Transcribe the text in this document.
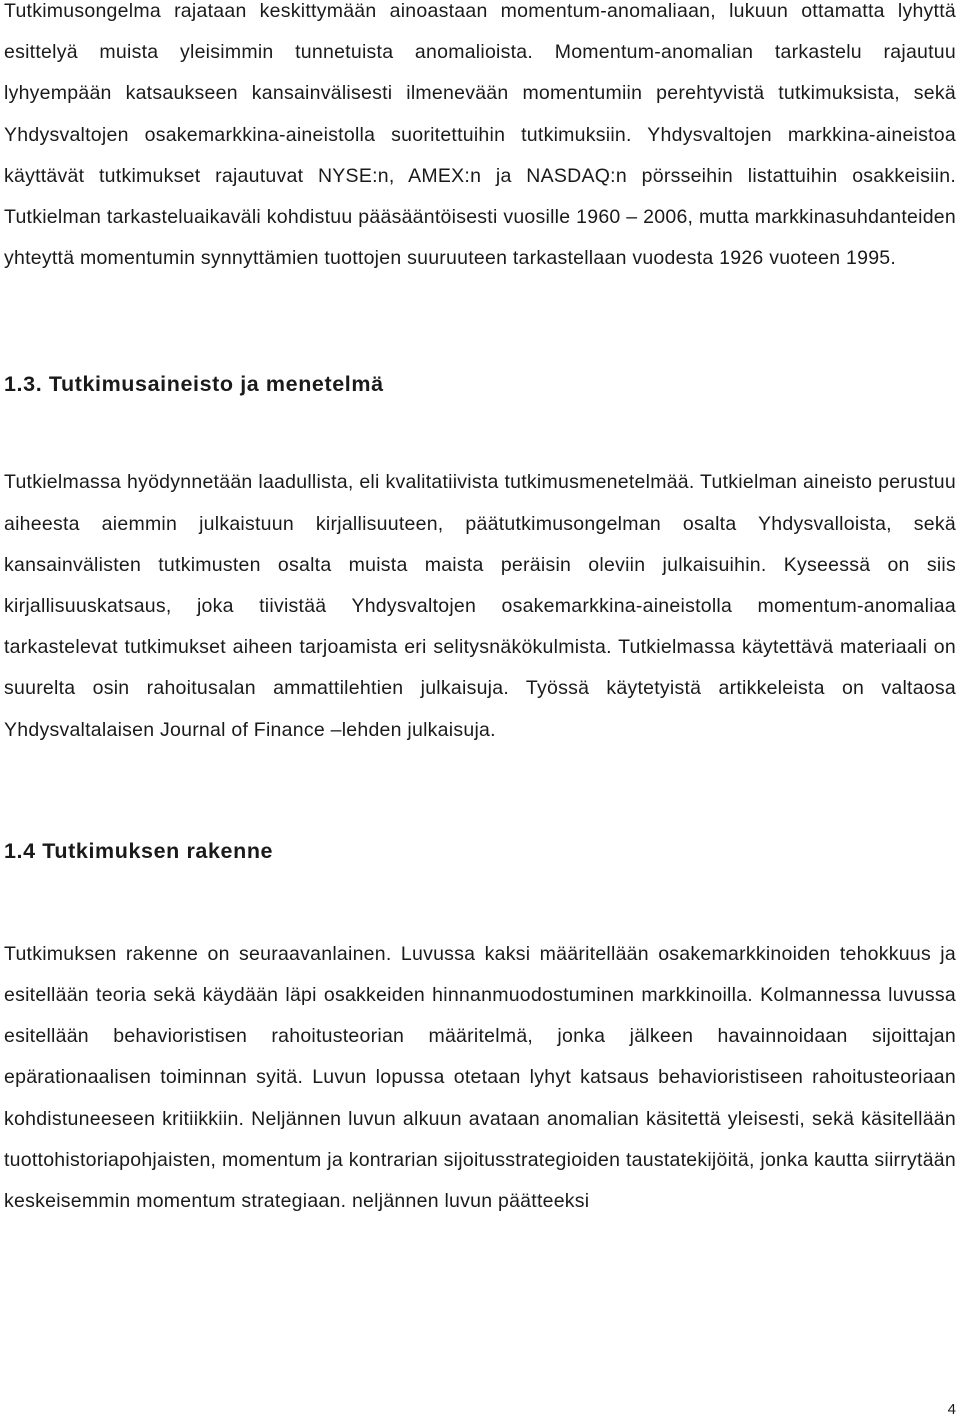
Tutkimusongelma rajataan keskittymään ainoastaan momentum-anomaliaan, lukuun ottamatta lyhyttä esittelyä muista yleisimmin tunnetuista anomalioista. Momentum-anomalian tarkastelu rajautuu lyhyempään katsaukseen kansainvälisesti ilmenevään momentumiin perehtyvistä tutkimuksista, sekä Yhdysvaltojen osakemarkkina-aineistolla suoritettuihin tutkimuksiin. Yhdysvaltojen markkina-aineistoa käyttävät tutkimukset rajautuvat NYSE:n, AMEX:n ja NASDAQ:n pörsseihin listattuihin osakkeisiin. Tutkielman tarkasteluaikaväli kohdistuu pääsääntöisesti vuosille 1960 – 2006, mutta markkinasuhdanteiden yhteyttä momentumin synnyttämien tuottojen suuruuteen tarkastellaan vuodesta 1926 vuoteen 1995.

1.3. Tutkimusaineisto ja menetelmä

Tutkielmassa hyödynnetään laadullista, eli kvalitatiivista tutkimusmenetelmää. Tutkielman aineisto perustuu aiheesta aiemmin julkaistuun kirjallisuuteen, päätutkimusongelman osalta Yhdysvalloista, sekä kansainvälisten tutkimusten osalta muista maista peräisin oleviin julkaisuihin. Kyseessä on siis kirjallisuuskatsaus, joka tiivistää Yhdysvaltojen osakemarkkina-aineistolla momentum-anomaliaa tarkastelevat tutkimukset aiheen tarjoamista eri selitysnäkökulmista. Tutkielmassa käytettävä materiaali on suurelta osin rahoitusalan ammattilehtien julkaisuja. Työssä käytetyistä artikkeleista on valtaosa Yhdysvaltalaisen Journal of Finance –lehden julkaisuja.

1.4 Tutkimuksen rakenne

Tutkimuksen rakenne on seuraavanlainen. Luvussa kaksi määritellään osakemarkkinoiden tehokkuus ja esitellään teoria sekä käydään läpi osakkeiden hinnanmuodostuminen markkinoilla. Kolmannessa luvussa esitellään behavioristisen rahoitusteorian määritelmä, jonka jälkeen havainnoidaan sijoittajan epärationaalisen toiminnan syitä. Luvun lopussa otetaan lyhyt katsaus behavioristiseen rahoitusteoriaan kohdistuneeseen kritiikkiin. Neljännen luvun alkuun avataan anomalian käsitettä yleisesti, sekä käsitellään tuottohistoriapohjaisten, momentum ja kontrarian sijoitusstrategioiden taustatekijöitä, jonka kautta siirrytään keskeisemmin momentum strategiaan. neljännen luvun päätteeksi

4
